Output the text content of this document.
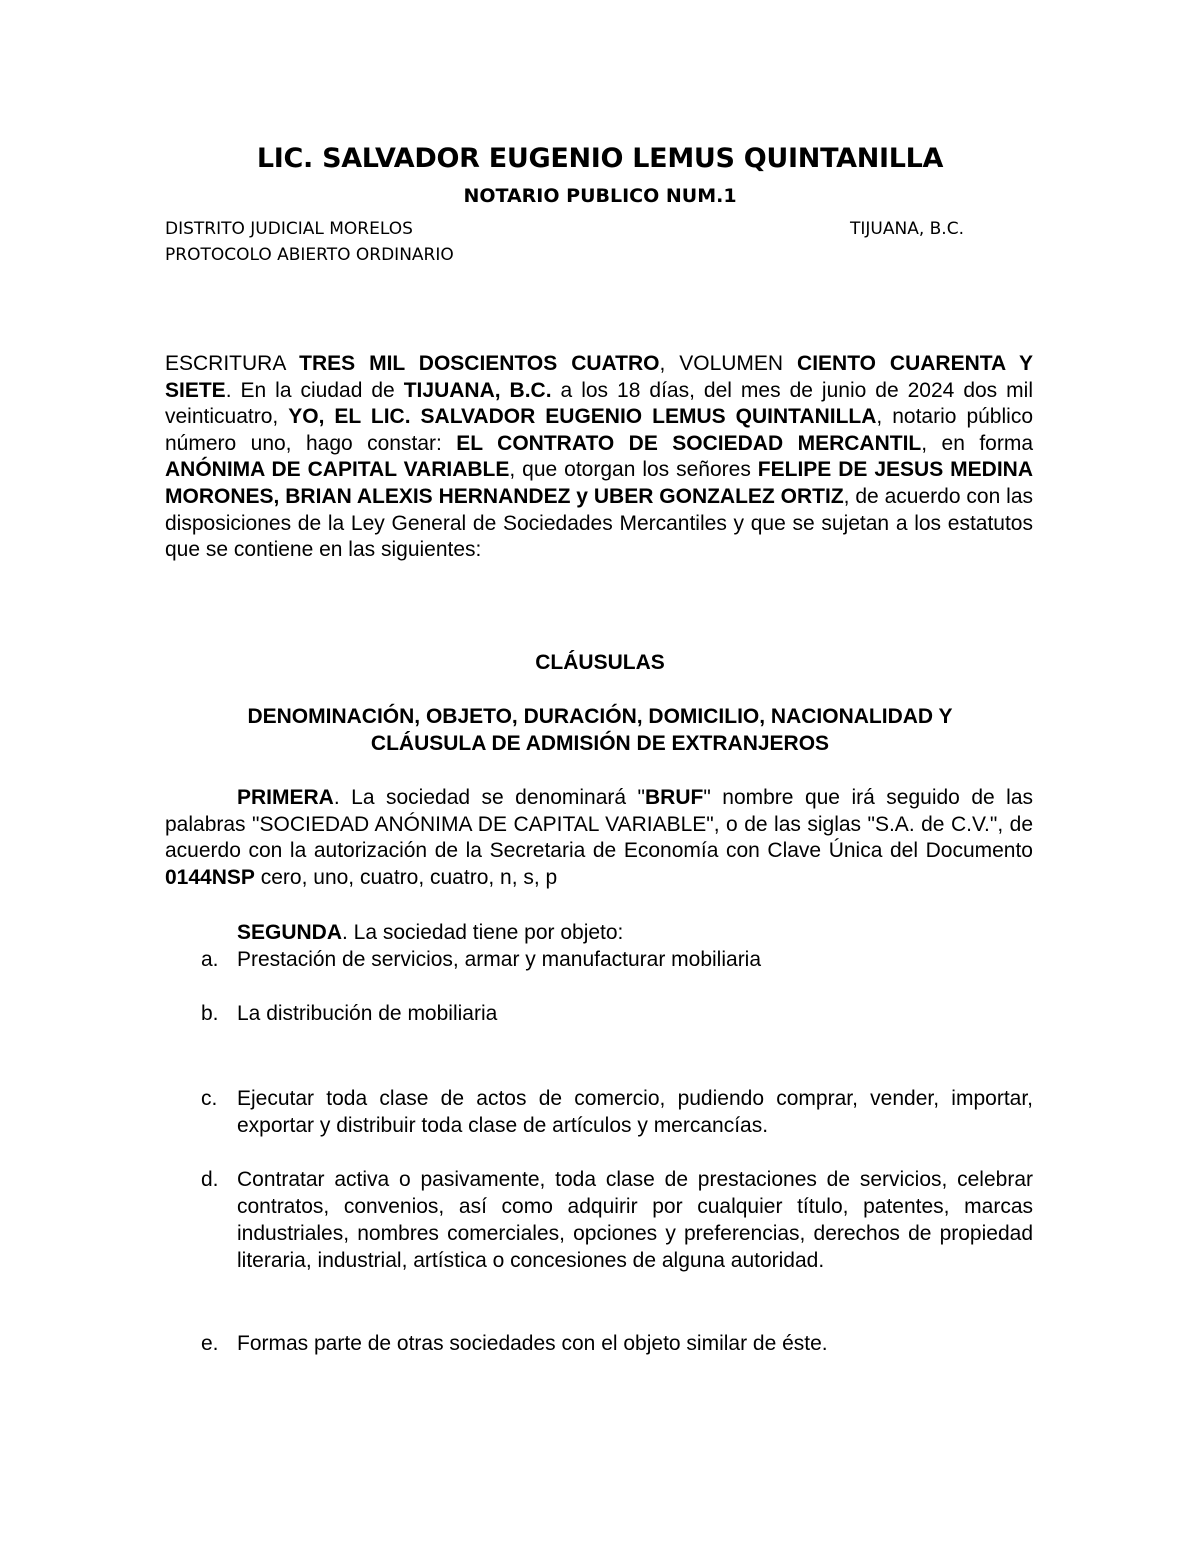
LIC. SALVADOR EUGENIO LEMUS QUINTANILLA
NOTARIO PUBLICO NUM.1
DISTRITO JUDICIAL MORELOS	TIJUANA, B.C.
PROTOCOLO ABIERTO ORDINARIO

ESCRITURA TRES MIL DOSCIENTOS CUATRO, VOLUMEN CIENTO CUARENTA Y SIETE. En la ciudad de TIJUANA, B.C. a los 18 días, del mes de junio de 2024 dos mil veinticuatro, YO, EL LIC. SALVADOR EUGENIO LEMUS QUINTANILLA, notario público número uno, hago constar: EL CONTRATO DE SOCIEDAD MERCANTIL, en forma ANÓNIMA DE CAPITAL VARIABLE, que otorgan los señores FELIPE DE JESUS MEDINA MORONES, BRIAN ALEXIS HERNANDEZ y UBER GONZALEZ ORTIZ, de acuerdo con las disposiciones de la Ley General de Sociedades Mercantiles y que se sujetan a los estatutos que se contiene en las siguientes:

CLÁUSULAS

DENOMINACIÓN, OBJETO, DURACIÓN, DOMICILIO, NACIONALIDAD Y

CLÁUSULA DE ADMISIÓN DE EXTRANJEROS

PRIMERA. La sociedad se denominará "BRUF" nombre que irá seguido de las palabras "SOCIEDAD ANÓNIMA DE CAPITAL VARIABLE", o de las siglas "S.A. de C.V.", de acuerdo con la autorización de la Secretaria de Economía con Clave Única del Documento 0144NSP cero, uno, cuatro, cuatro, n, s, p

SEGUNDA. La sociedad tiene por objeto:

a. Prestación de servicios, armar y manufacturar mobiliaria
b. La distribución de mobiliaria
c. Ejecutar toda clase de actos de comercio, pudiendo comprar, vender, importar, exportar y distribuir toda clase de artículos y mercancías.
d. Contratar activa o pasivamente, toda clase de prestaciones de servicios, celebrar contratos, convenios, así como adquirir por cualquier título, patentes, marcas industriales, nombres comerciales, opciones y preferencias, derechos de propiedad literaria, industrial, artística o concesiones de alguna autoridad.
e. Formas parte de otras sociedades con el objeto similar de éste.
